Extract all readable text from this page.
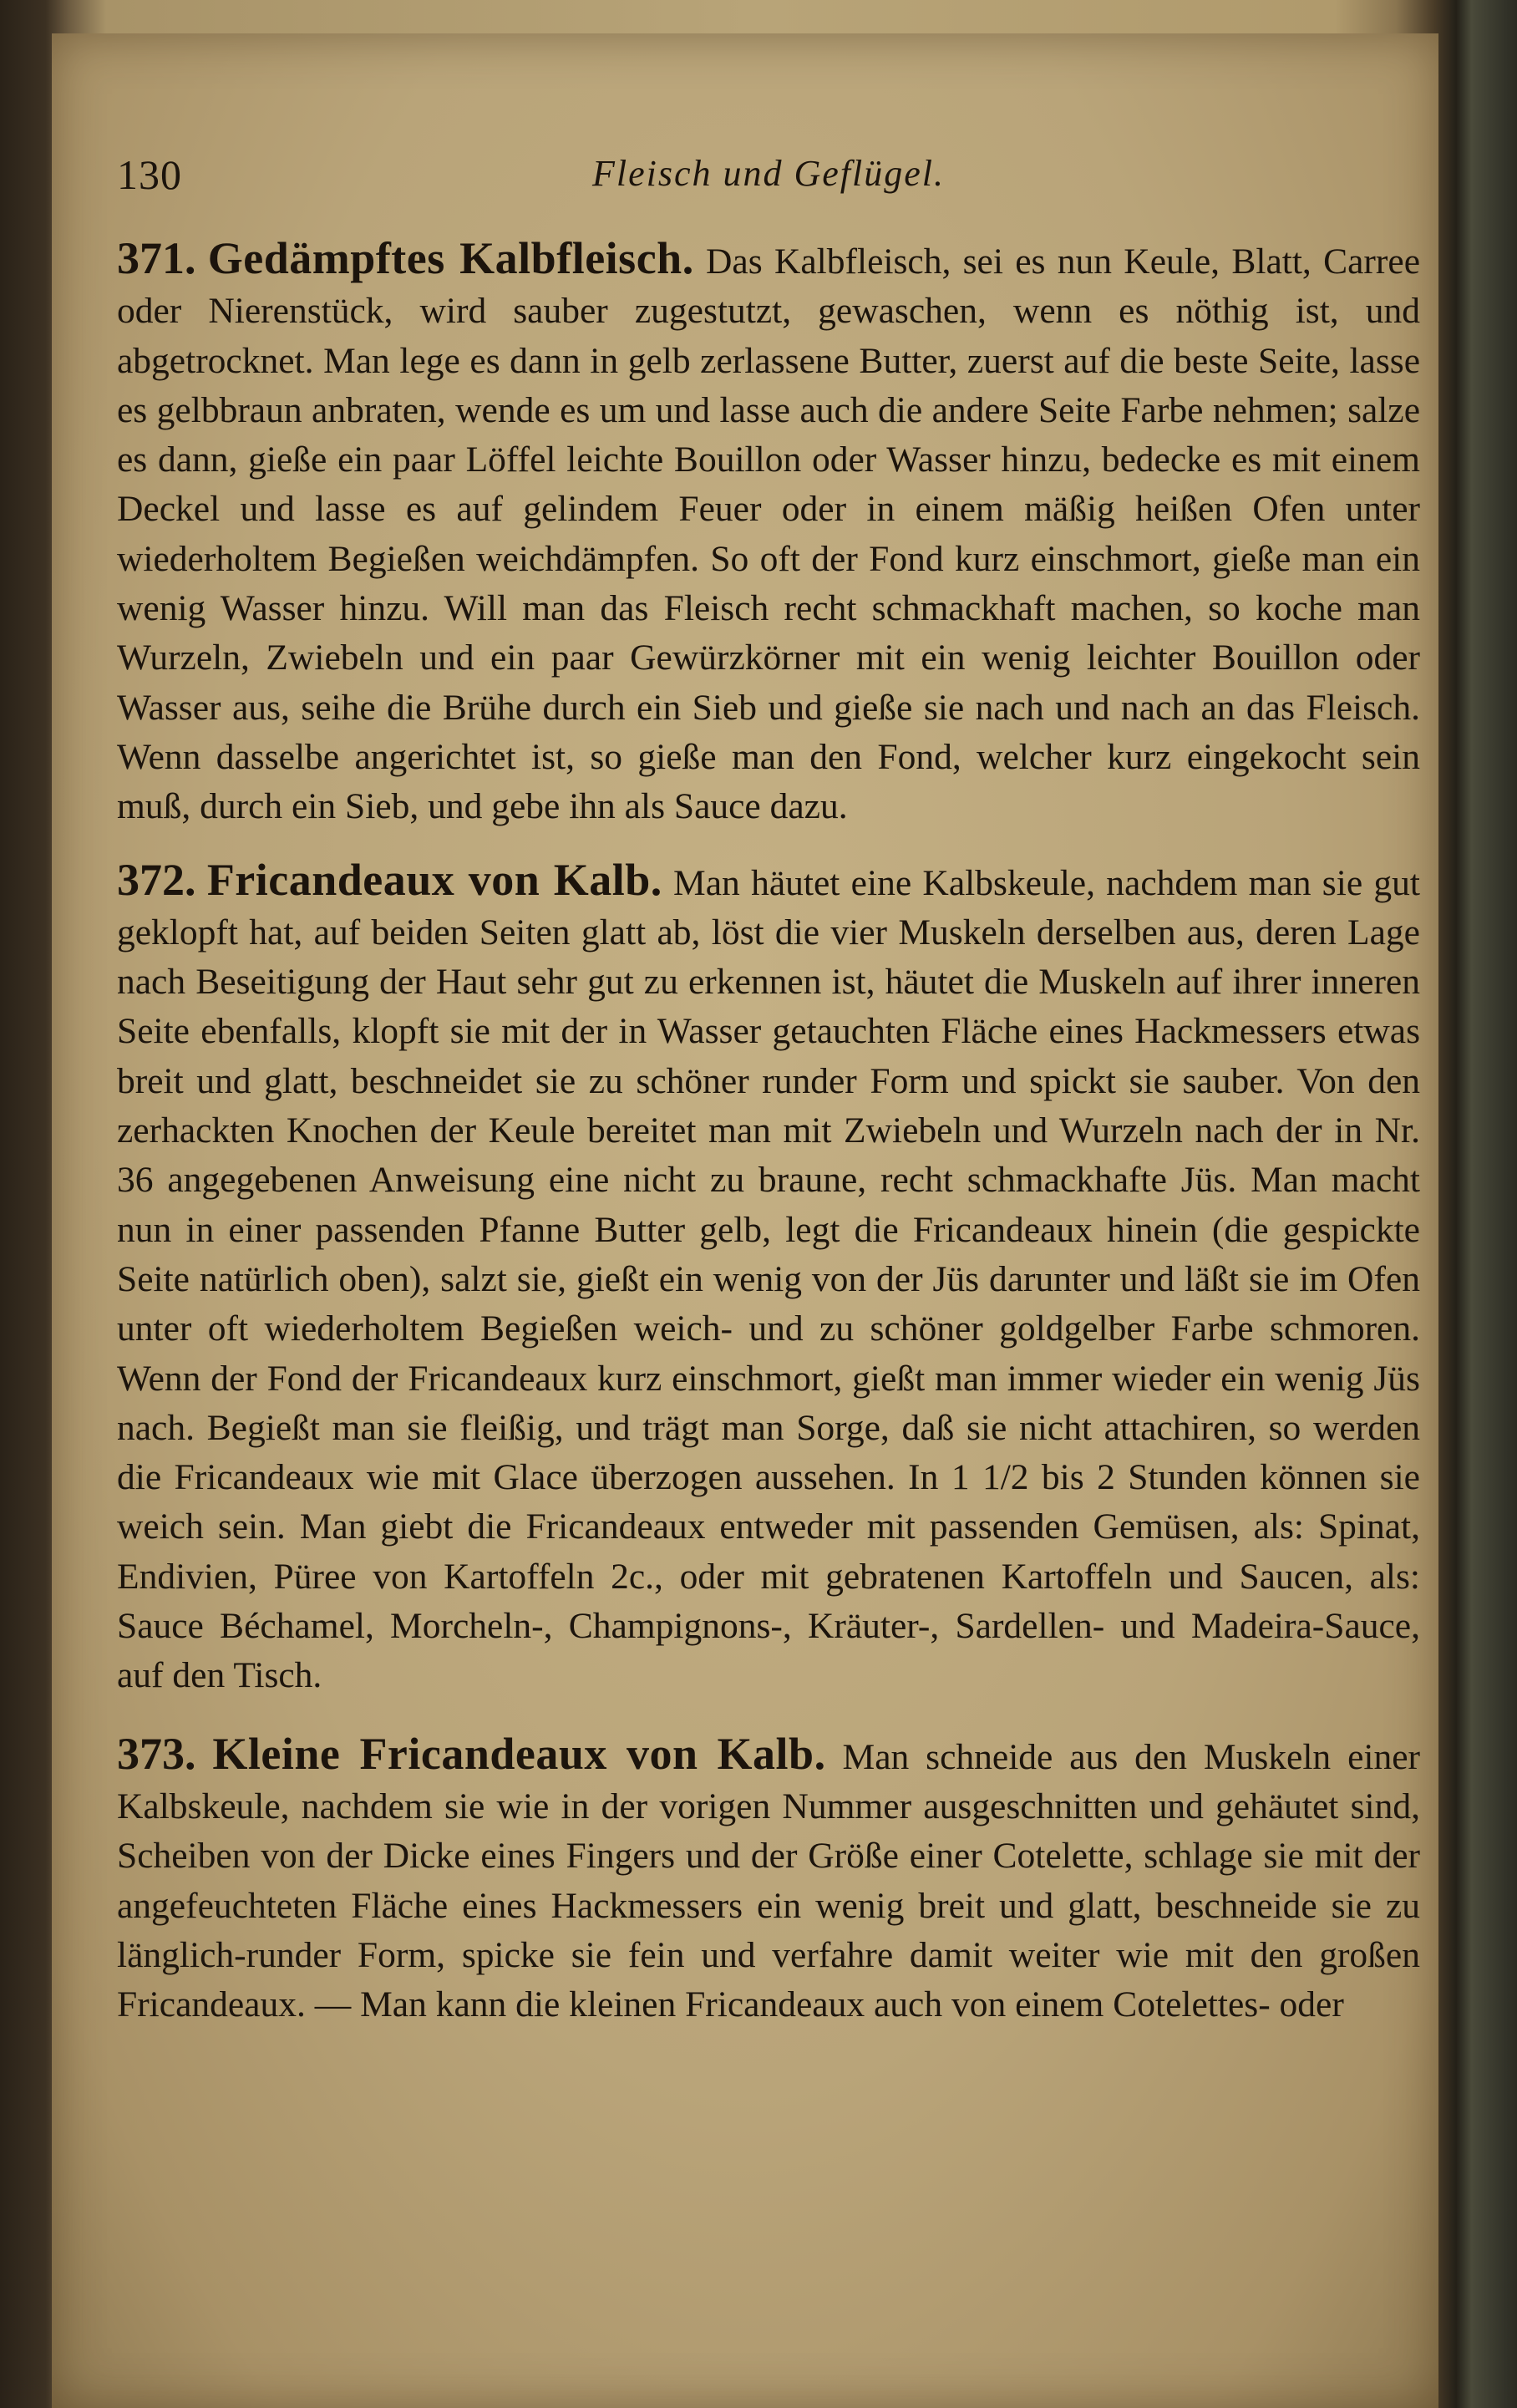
130	Fleisch und Geflügel.

371. Gedämpftes Kalbfleisch. Das Kalbfleisch, sei es nun Keule, Blatt, Carree oder Nierenstück, wird sauber zugestutzt, gewaschen, wenn es nöthig ist, und abgetrocknet. Man lege es dann in gelb zerlassene Butter, zuerst auf die beste Seite, lasse es gelbbraun anbraten, wende es um und lasse auch die andere Seite Farbe nehmen; salze es dann, gieße ein paar Löffel leichte Bouillon oder Wasser hinzu, bedecke es mit einem Deckel und lasse es auf gelindem Feuer oder in einem mäßig heißen Ofen unter wiederholtem Begießen weichdämpfen. So oft der Fond kurz einschmort, gieße man ein wenig Wasser hinzu. Will man das Fleisch recht schmackhaft machen, so koche man Wurzeln, Zwiebeln und ein paar Gewürzkörner mit ein wenig leichter Bouillon oder Wasser aus, seihe die Brühe durch ein Sieb und gieße sie nach und nach an das Fleisch. Wenn dasselbe angerichtet ist, so gieße man den Fond, welcher kurz eingekocht sein muß, durch ein Sieb, und gebe ihn als Sauce dazu.

372. Fricandeaux von Kalb. Man häutet eine Kalbskeule, nachdem man sie gut geklopft hat, auf beiden Seiten glatt ab, löst die vier Muskeln derselben aus, deren Lage nach Beseitigung der Haut sehr gut zu erkennen ist, häutet die Muskeln auf ihrer inneren Seite ebenfalls, klopft sie mit der in Wasser getauchten Fläche eines Hackmessers etwas breit und glatt, beschneidet sie zu schöner runder Form und spickt sie sauber. Von den zerhackten Knochen der Keule bereitet man mit Zwiebeln und Wurzeln nach der in Nr. 36 angegebenen Anweisung eine nicht zu braune, recht schmackhafte Jüs. Man macht nun in einer passenden Pfanne Butter gelb, legt die Fricandeaux hinein (die gespickte Seite natürlich oben), salzt sie, gießt ein wenig von der Jüs darunter und läßt sie im Ofen unter oft wiederholtem Begießen weich- und zu schöner goldgelber Farbe schmoren. Wenn der Fond der Fricandeaux kurz einschmort, gießt man immer wieder ein wenig Jüs nach. Begießt man sie fleißig, und trägt man Sorge, daß sie nicht attachiren, so werden die Fricandeaux wie mit Glace überzogen aussehen. In 1 1/2 bis 2 Stunden können sie weich sein. Man giebt die Fricandeaux entweder mit passenden Gemüsen, als: Spinat, Endivien, Püree von Kartoffeln 2c., oder mit gebratenen Kartoffeln und Saucen, als: Sauce Béchamel, Morcheln-, Champignons-, Kräuter-, Sardellen- und Madeira-Sauce, auf den Tisch.

373. Kleine Fricandeaux von Kalb. Man schneide aus den Muskeln einer Kalbskeule, nachdem sie wie in der vorigen Nummer ausgeschnitten und gehäutet sind, Scheiben von der Dicke eines Fingers und der Größe einer Cotelette, schlage sie mit der angefeuchteten Fläche eines Hackmessers ein wenig breit und glatt, beschneide sie zu länglich-runder Form, spicke sie fein und verfahre damit weiter wie mit den großen Fricandeaux. — Man kann die kleinen Fricandeaux auch von einem Cotelettes- oder
